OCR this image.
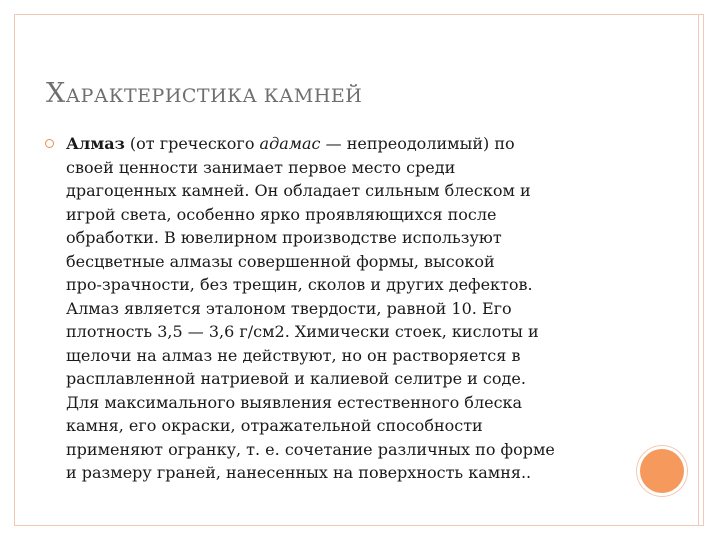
ХАРАКТЕРИСТИКА КАМНЕЙ
Алмаз (от греческого адамас — непреодолимый) по
своей ценности занимает первое место среди
драгоценных камней. Он обладает сильным блеском и
игрой света, особенно ярко проявляющихся после
обработки. В ювелирном производстве используют
бесцветные алмазы совершенной формы, высокой
про-зрачности, без трещин, сколов и других дефектов.
Алмаз является эталоном твердости, равной 10. Его
плотность 3,5 — 3,6 г/см2. Химически стоек, кислоты и
щелочи на алмаз не действуют, но он растворяется в
расплавленной натриевой и калиевой селитре и соде.
Для максимального выявления естественного блеска
камня, его окраски, отражательной способности
применяют огранку, т. е. сочетание различных по форме
и размеру граней, нанесенных на поверхность камня..
